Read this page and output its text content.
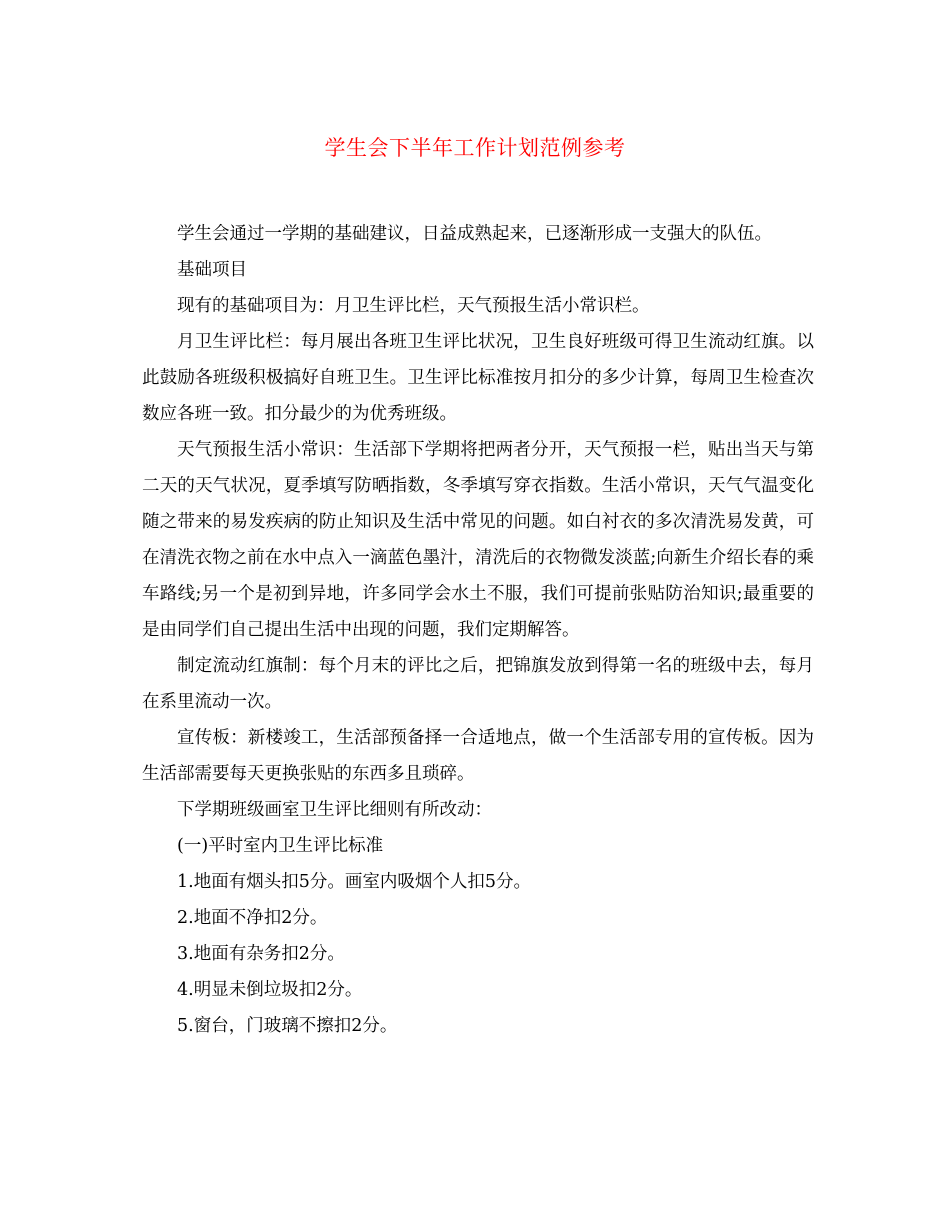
学生会下半年工作计划范例参考

学生会通过一学期的基础建议，日益成熟起来，已逐渐形成一支强大的队伍。

基础项目

现有的基础项目为：月卫生评比栏，天气预报生活小常识栏。

月卫生评比栏：每月展出各班卫生评比状况，卫生良好班级可得卫生流动红旗。以此鼓励各班级积极搞好自班卫生。卫生评比标准按月扣分的多少计算，每周卫生检查次数应各班一致。扣分最少的为优秀班级。

天气预报生活小常识：生活部下学期将把两者分开，天气预报一栏，贴出当天与第二天的天气状况，夏季填写防晒指数，冬季填写穿衣指数。生活小常识，天气气温变化随之带来的易发疾病的防止知识及生活中常见的问题。如白衬衣的多次清洗易发黄，可在清洗衣物之前在水中点入一滴蓝色墨汁，清洗后的衣物微发淡蓝;向新生介绍长春的乘车路线;另一个是初到异地，许多同学会水土不服，我们可提前张贴防治知识;最重要的是由同学们自己提出生活中出现的问题，我们定期解答。

制定流动红旗制：每个月末的评比之后，把锦旗发放到得第一名的班级中去，每月在系里流动一次。

宣传板：新楼竣工，生活部预备择一合适地点，做一个生活部专用的宣传板。因为生活部需要每天更换张贴的东西多且琐碎。

下学期班级画室卫生评比细则有所改动：

(一)平时室内卫生评比标准

1.地面有烟头扣5分。画室内吸烟个人扣5分。

2.地面不净扣2分。

3.地面有杂务扣2分。

4.明显未倒垃圾扣2分。

5.窗台，门玻璃不擦扣2分。
